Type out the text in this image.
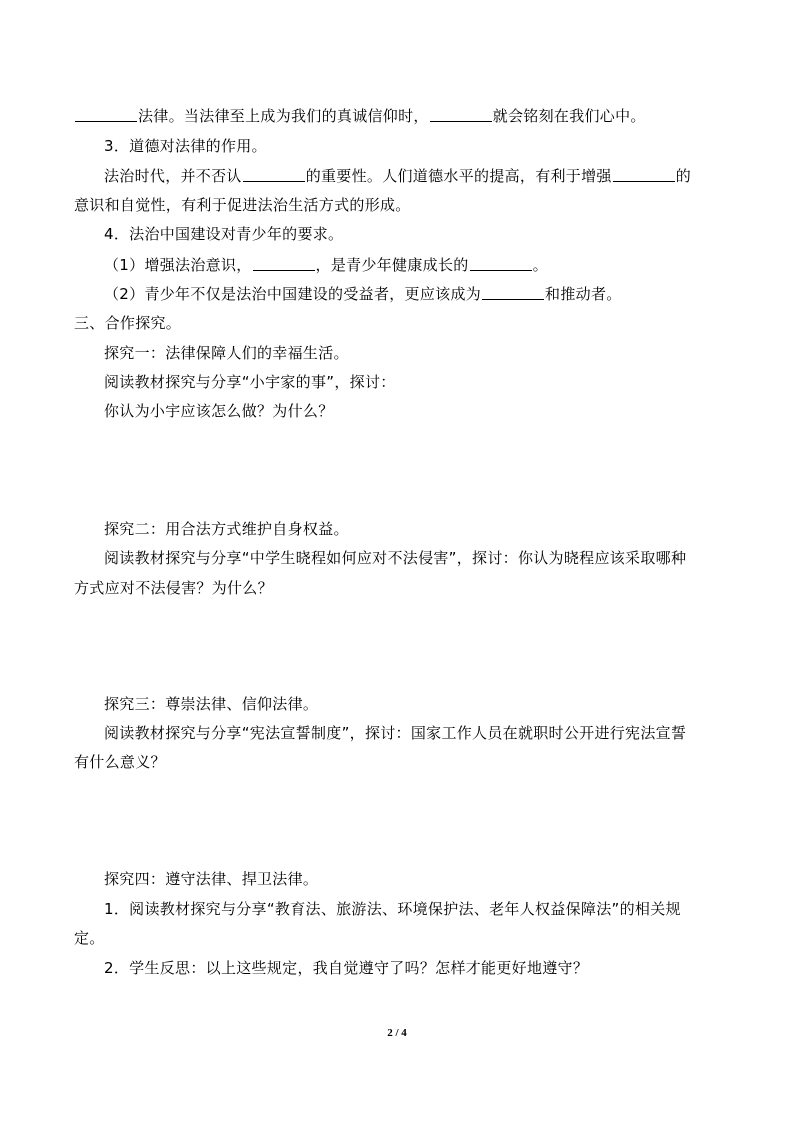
法律。当法律至上成为我们的真诚信仰时，	就会铭刻在我们心中。
3．道德对法律的作用。
法治时代，并不否认	的重要性。人们道德水平的提高，有利于增强	的
意识和自觉性，有利于促进法治生活方式的形成。
4．法治中国建设对青少年的要求。
（1）增强法治意识，	，是青少年健康成长的	。
（2）青少年不仅是法治中国建设的受益者，更应该成为	和推动者。
三、合作探究。
探究一：法律保障人们的幸福生活。
阅读教材探究与分享“小宇家的事”，探讨：
你认为小宇应该怎么做？为什么？
探究二：用合法方式维护自身权益。
阅读教材探究与分享“中学生晓程如何应对不法侵害”，探讨：你认为晓程应该采取哪种
方式应对不法侵害？为什么？
探究三：尊崇法律、信仰法律。
阅读教材探究与分享“宪法宣誓制度”，探讨：国家工作人员在就职时公开进行宪法宣誓
有什么意义？
探究四：遵守法律、捍卫法律。
1．阅读教材探究与分享“教育法、旅游法、环境保护法、老年人权益保障法”的相关规
定。
2．学生反思：以上这些规定，我自觉遵守了吗？怎样才能更好地遵守？
2 / 4
